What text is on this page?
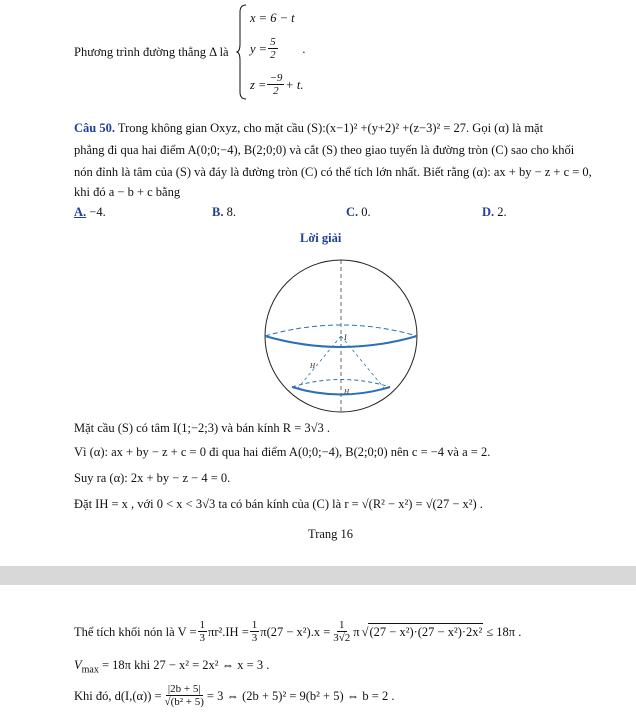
Phương trình đường thẳng Δ là
x = 6 − t
$y = \frac{5}{2}$ .
$z = \frac{-9}{2} + t$.
Câu 50. Trong không gian Oxyz, cho mặt cầu (S):(x−1)² +(y+2)² +(z−3)² = 27. Gọi (α) là mặt
phẳng đi qua hai điểm A(0;0;−4), B(2;0;0) và cắt (S) theo giao tuyến là đường tròn (C) sao cho khối
nón đỉnh là tâm của (S) và đáy là đường tròn (C) có thể tích lớn nhất. Biết rằng (α): ax + by − z + c = 0,
khi đó a − b + c bằng
A. −4.	B. 8.	C. 0.	D. 2.
Lời giải
I
H
H
Mặt cầu (S) có tâm I(1;−2;3) và bán kính R = 3√3 .
Vì (α): ax + by − z + c = 0 đi qua hai điểm A(0;0;−4), B(2;0;0) nên c = −4 và a = 2.
Suy ra (α): 2x + by − z − 4 = 0.
Đặt IH = x , với 0 < x < 3√3 ta có bán kính của (C) là r = √(R² − x²) = √(27 − x²) .
Trang 16
Thể tích khối nón là $V = \frac{1}{3} \pi r^2.IH = \frac{1}{3} \pi(27 - x^2).x = \frac{1}{3√2}$ π √ (27 − x²)·(27 − x²)·2x² ≤ 18π .
$V_{max} = 18\pi$ khi 27 − x² = 2x² ⇔ x = 3 .
Khi đó, $d(I,(\alpha)) = \frac{|2b + 5|}{\text{√(b² + 5)}} = 3$ ⇔ (2b + 5)² = 9(b² + 5) ⇔ b = 2 .
